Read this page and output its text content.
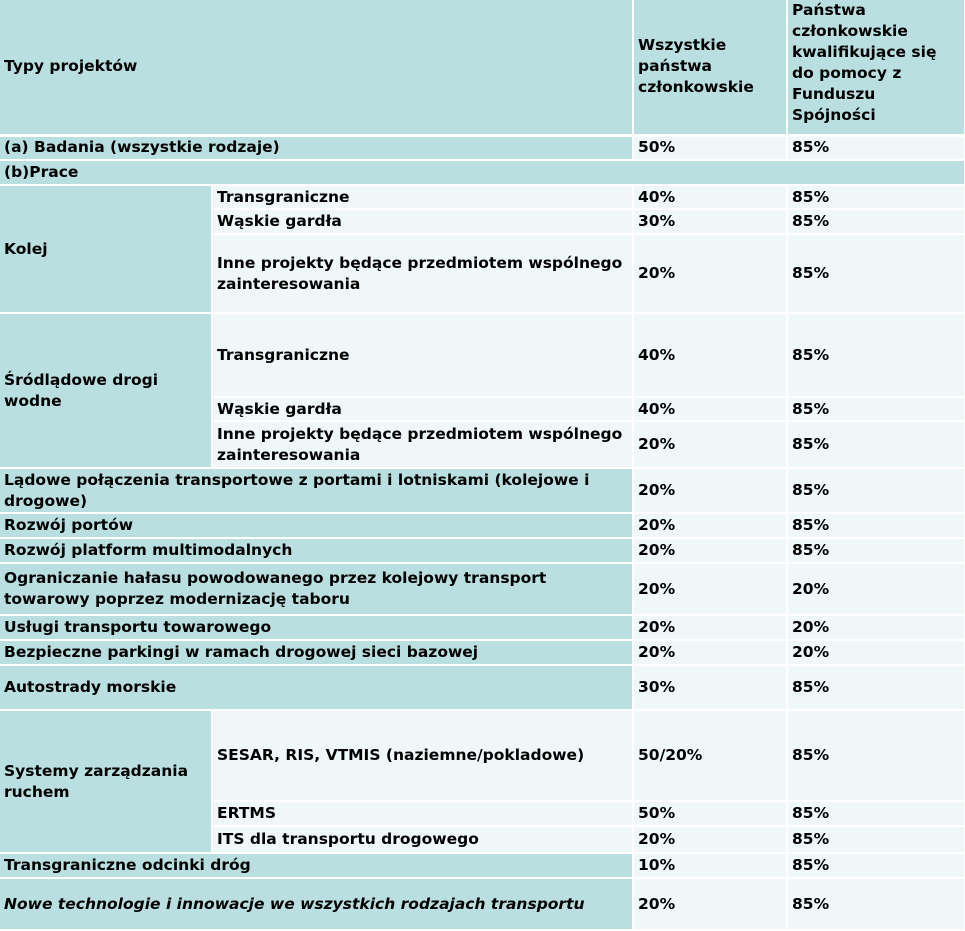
Typy projektów		Wszystkie państwa członkowskie	Państwa członkowskie kwalifikujące się do pomocy z Funduszu Spójności
(a) Badania (wszystkie rodzaje)		50%	85%
(b)Prace			
Kolej	Transgraniczne	40%	85%
	Wąskie gardła	30%	85%
	Inne projekty będące przedmiotem wspólnego zainteresowania	20%	85%
Śródlądowe drogi wodne	Transgraniczne	40%	85%
	Wąskie gardła	40%	85%
	Inne projekty będące przedmiotem wspólnego zainteresowania	20%	85%
Lądowe połączenia transportowe z portami i lotniskami (kolejowe i drogowe)		20%	85%
Rozwój portów		20%	85%
Rozwój platform multimodalnych		20%	85%
Ograniczanie hałasu powodowanego przez kolejowy transport towarowy poprzez modernizację taboru		20%	20%
Usługi transportu towarowego		20%	20%
Bezpieczne parkingi w ramach drogowej sieci bazowej		20%	20%
Autostrady morskie		30%	85%
Systemy zarządzania ruchem	SESAR, RIS, VTMIS (naziemne/pokladowe)	50/20%	85%
	ERTMS	50%	85%
	ITS dla transportu drogowego	20%	85%
Transgraniczne odcinki dróg		10%	85%
Nowe technologie i innowacje we wszystkich rodzajach transportu		20%	85%
